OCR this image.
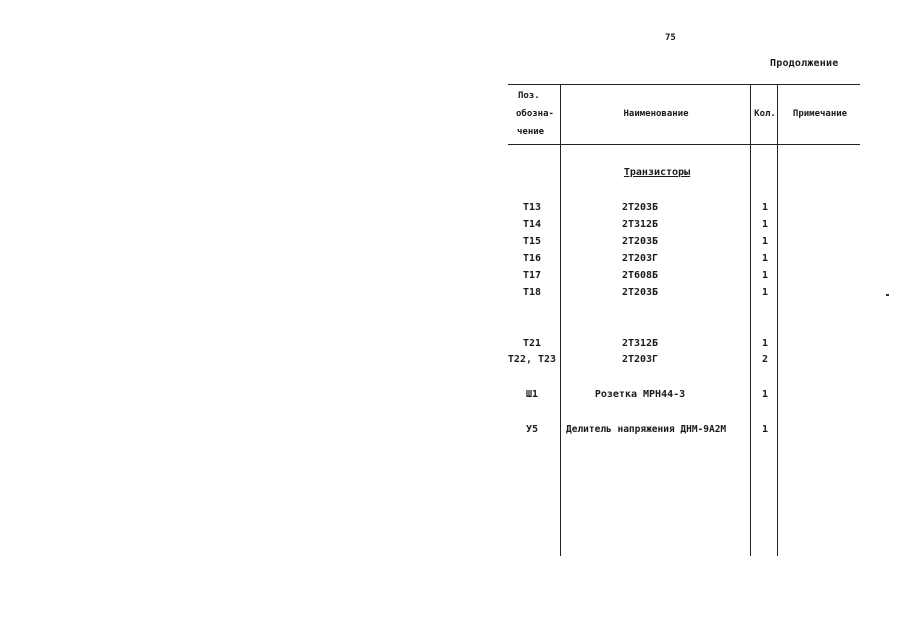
75
Продолжение
Поз.
обозна-
чение
Наименование	Кол.	Примечание
Транзисторы
T13	2Т203Б	1
T14	2Т312Б	1
T15	2Т203Б	1
T16	2Т203Г	1
T17	2Т608Б	1
T18	2Т203Б	1
T21	2Т312Б	1
T22, T23	2Т203Г	2
Ш1	Розетка МРН44-3	1
У5	Делитель напряжения ДНМ-9А2М	1
